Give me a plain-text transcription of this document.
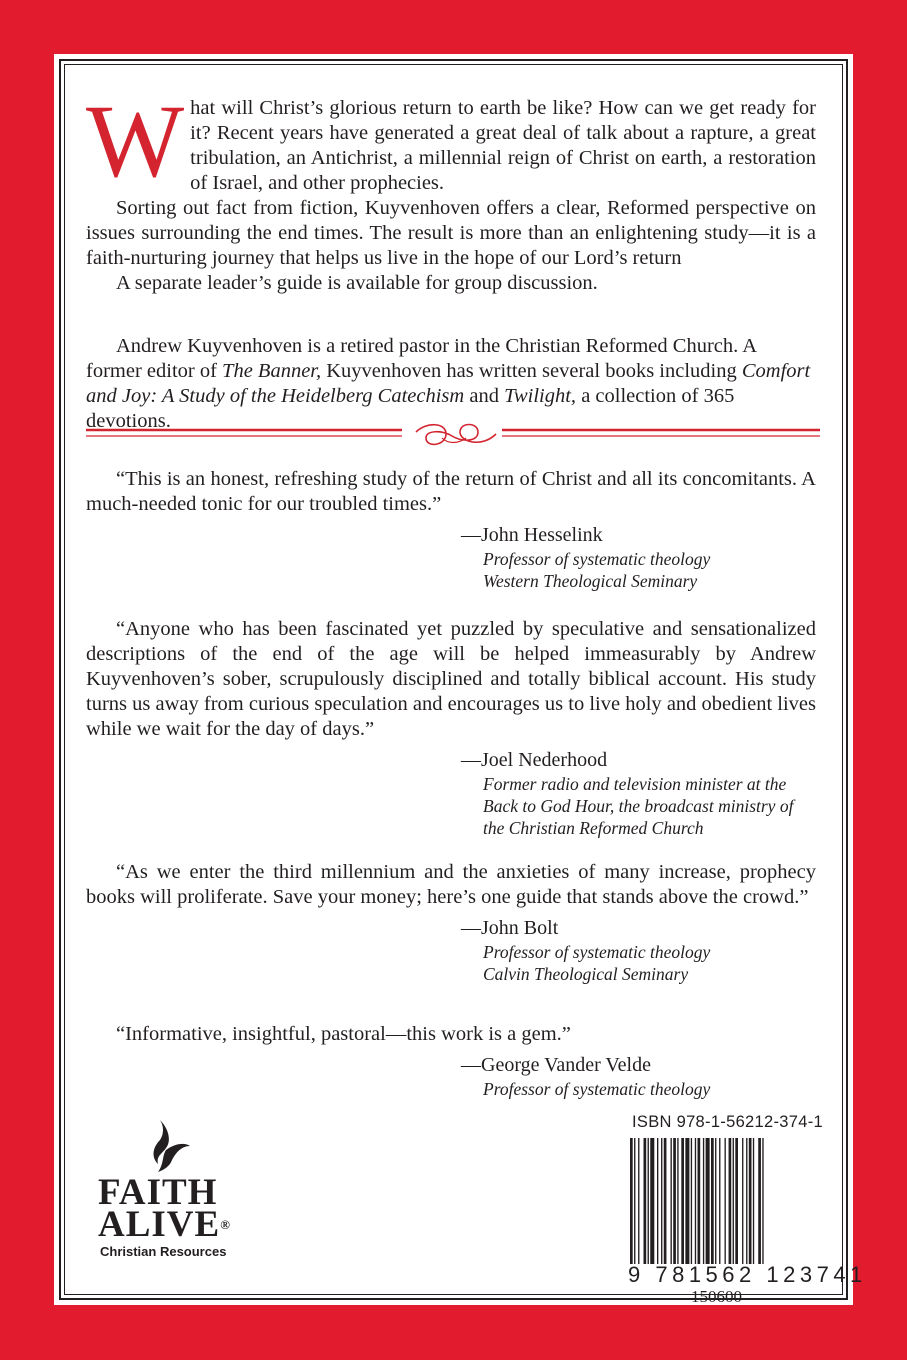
W hat will Christ’s glorious return to earth be like? How can we get ready for it? Recent years have generated a great deal of talk about a rapture, a great tribulation, an Antichrist, a millennial reign of Christ on earth, a restoration of Israel, and other prophecies.

Sorting out fact from fiction, Kuyvenhoven offers a clear, Reformed perspective on issues surrounding the end times. The result is more than an enlightening study—it is a faith-nurturing journey that helps us live in the hope of our Lord’s return

A separate leader’s guide is available for group discussion.

Andrew Kuyvenhoven is a retired pastor in the Christian Reformed Church. A former editor of The Banner, Kuyvenhoven has written several books including Comfort and Joy: A Study of the Heidelberg Catechism and Twilight, a collection of 365 devotions.

“This is an honest, refreshing study of the return of Christ and all its concomitants. A much-needed tonic for our troubled times.”

—John Hesselink
Professor of systematic theology
Western Theological Seminary

“Anyone who has been fascinated yet puzzled by speculative and sensationalized descriptions of the end of the age will be helped immeasurably by Andrew Kuyvenhoven’s sober, scrupulously disciplined and totally biblical account. His study turns us away from curious speculation and encourages us to live holy and obedient lives while we wait for the day of days.”

—Joel Nederhood
Former radio and television minister at the
Back to God Hour, the broadcast ministry of
the Christian Reformed Church

“As we enter the third millennium and the anxieties of many increase, prophecy books will proliferate. Save your money; here’s one guide that stands above the crowd.”

—John Bolt
Professor of systematic theology
Calvin Theological Seminary

“Informative, insightful, pastoral—this work is a gem.”

—George Vander Velde
Professor of systematic theology
FAITH
ALIVE®
Christian Resources
ISBN 978-1-56212-374-1
9 781562 123741
150600
